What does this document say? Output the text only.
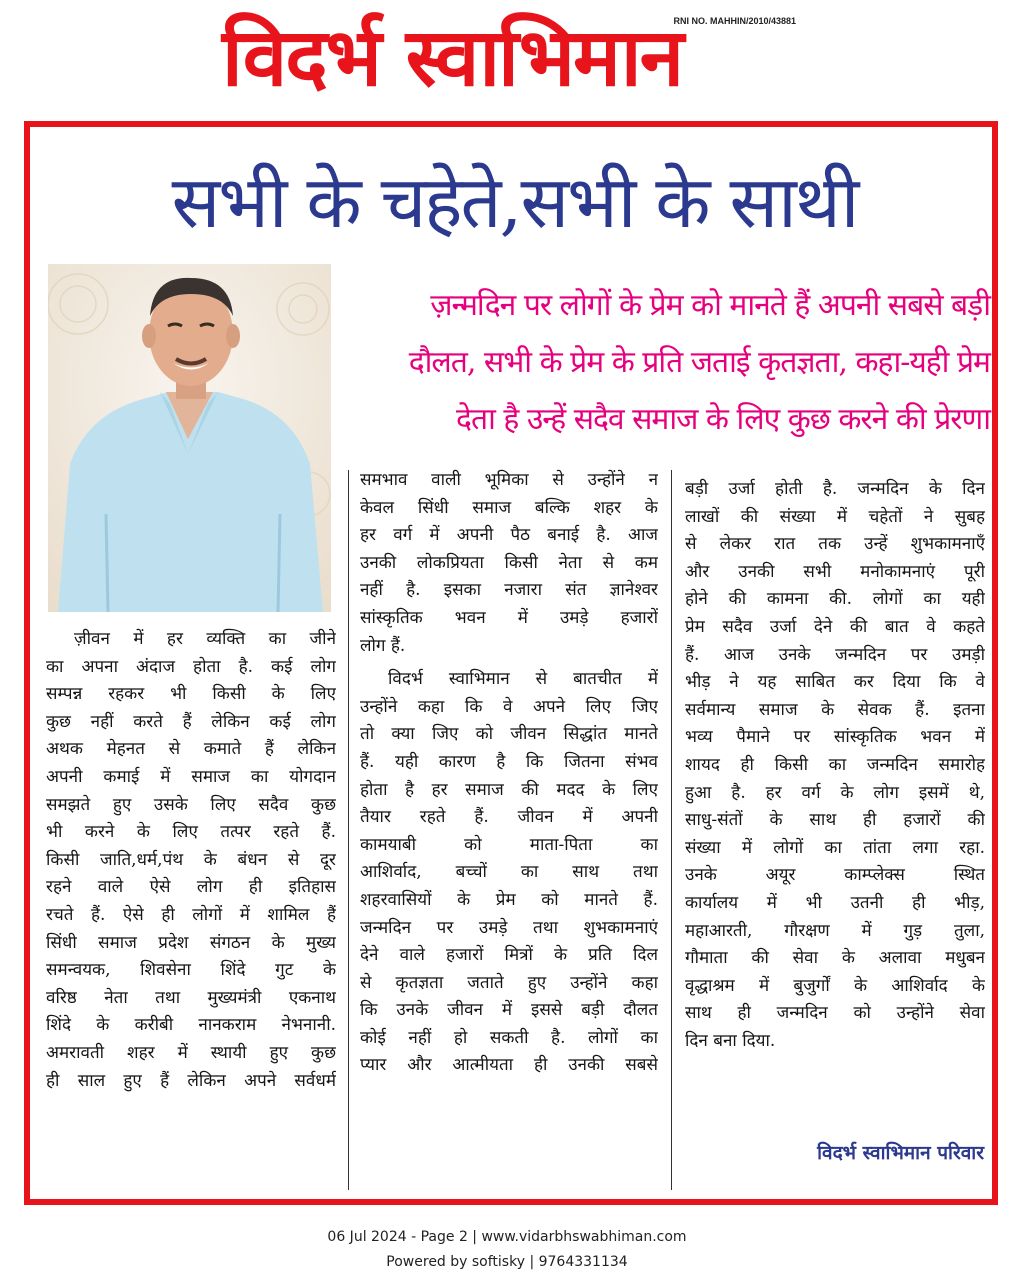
विदर्भ स्वाभिमान
RNI NO. MAHHIN/2010/43881
सभी के चहेते,सभी के साथी
ज़न्मदिन पर लोगों के प्रेम को मानते हैं अपनी सबसे बड़ी
दौलत, सभी के प्रेम के प्रति जताई कृतज्ञता, कहा-यही प्रेम
देता है उन्हें सदैव समाज के लिए कुछ करने की प्रेरणा
ज़ीवन में हर व्यक्ति का जीने
का अपना अंदाज होता है. कई लोग
सम्पन्न रहकर भी किसी के लिए
कुछ नहीं करते हैं लेकिन कई लोग
अथक मेहनत से कमाते हैं लेकिन
अपनी कमाई में समाज का योगदान
समझते हुए उसके लिए सदैव कुछ
भी करने के लिए तत्पर रहते हैं.
किसी जाति,धर्म,पंथ के बंधन से दूर
रहने वाले ऐसे लोग ही इतिहास
रचते हैं. ऐसे ही लोगों में शामिल हैं
सिंधी समाज प्रदेश संगठन के मुख्य
समन्वयक, शिवसेना शिंदे गुट के
वरिष्ठ नेता तथा मुख्यमंत्री एकनाथ
शिंदे के करीबी नानकराम नेभनानी.
अमरावती शहर में स्थायी हुए कुछ
ही साल हुए हैं लेकिन अपने सर्वधर्म
समभाव वाली भूमिका से उन्होंने न
केवल सिंधी समाज बल्कि शहर के
हर वर्ग में अपनी पैठ बनाई है. आज
उनकी लोकप्रियता किसी नेता से कम
नहीं है. इसका नजारा संत ज्ञानेश्वर
सांस्कृतिक भवन में उमड़े हजारों
लोग हैं.
विदर्भ स्वाभिमान से बातचीत में
उन्होंने कहा कि वे अपने लिए जिए
तो क्या जिए को जीवन सिद्धांत मानते
हैं. यही कारण है कि जितना संभव
होता है हर समाज की मदद के लिए
तैयार रहते हैं. जीवन में अपनी
कामयाबी को माता-पिता का
आशिर्वाद, बच्चों का साथ तथा
शहरवासियों के प्रेम को मानते हैं.
जन्मदिन पर उमड़े तथा शुभकामनाएं
देने वाले हजारों मित्रों के प्रति दिल
से कृतज्ञता जताते हुए उन्होंने कहा
कि उनके जीवन में इससे बड़ी दौलत
कोई नहीं हो सकती है. लोगों का
प्यार और आत्मीयता ही उनकी सबसे
बड़ी उर्जा होती है. जन्मदिन के दिन
लाखों की संख्या में चहेतों ने सुबह
से लेकर रात तक उन्हें शुभकामनाएँ
और उनकी सभी मनोकामनाएं पूरी
होने की कामना की. लोगों का यही
प्रेम सदैव उर्जा देने की बात वे कहते
हैं. आज उनके जन्मदिन पर उमड़ी
भीड़ ने यह साबित कर दिया कि वे
सर्वमान्य समाज के सेवक हैं. इतना
भव्य पैमाने पर सांस्कृतिक भवन में
शायद ही किसी का जन्मदिन समारोह
हुआ है. हर वर्ग के लोग इसमें थे,
साधु-संतों के साथ ही हजारों की
संख्या में लोगों का तांता लगा रहा.
उनके अयूर काम्प्लेक्स स्थित
कार्यालय में भी उतनी ही भीड़,
महाआरती, गौरक्षण में गुड़ तुला,
गौमाता की सेवा के अलावा मधुबन
वृद्धाश्रम में बुजुर्गों के आशिर्वाद के
साथ ही जन्मदिन को उन्होंने सेवा
दिन बना दिया.
विदर्भ स्वाभिमान परिवार
06 Jul 2024 - Page 2 | www.vidarbhswabhiman.com
Powered by softisky | 9764331134
